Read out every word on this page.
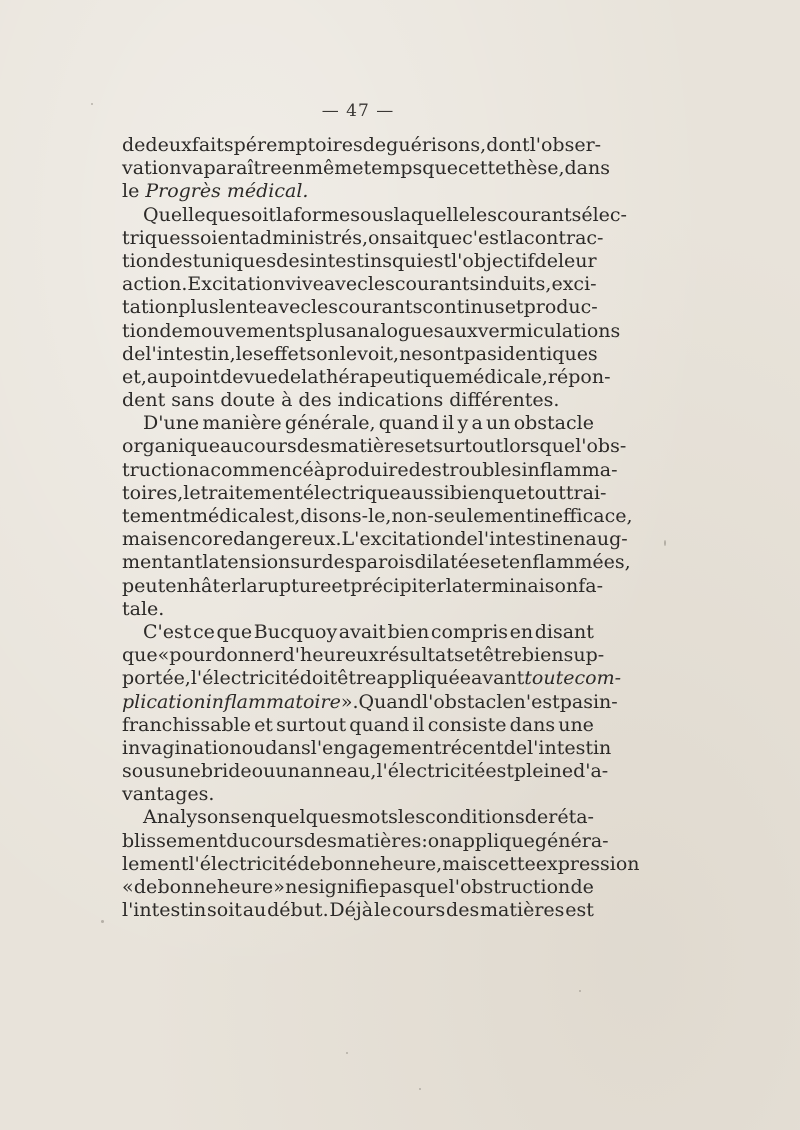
— 47 —
de deux faits péremptoires de guérisons, dont l'obser-
vation va paraître en même temps que cette thèse, dans
le Progrès médical.
Quelle que soit la forme sous laquelle les courants élec-
triques soient administrés, on sait que c'est la contrac-
tion des tuniques des intestins qui est l'objectif de leur
action. Excitation vive avec les courants induits, exci-
tation plus lente avec les courants continus et produc-
tion de mouvements plus analogues aux vermiculations
de l'intestin, les effets on le voit, ne sont pas identiques
et, au point de vue de la thérapeutique médicale, répon-
dent sans doute à des indications différentes.
D'une manière générale, quand il y a un obstacle
organique au cours des matières et surtout lorsque l'obs-
truction a commencé à produire des troubles inflamma-
toires, le traitement électrique aussi bien que tout trai-
tement médical est, disons-le, non-seulement inefficace,
mais encore dangereux. L'excitation de l'intestin en aug-
mentant la tension sur des parois dilatées et enflammées,
peut en hâter la rupture et précipiter la terminaison fa-
tale.
C'est ce que Bucquoy avait bien compris en disant
que « pour donner d'heureux résultats et être bien sup-
portée, l'électricité doit être appliquée avant toute com-
plication inflammatoire ». Quand l'obstacle n'est pas in-
franchissable et surtout quand il consiste dans une
invagination ou dans l'engagement récent de l'intestin
sous une bride ou un anneau, l'électricité est pleine d'a-
vantages.
Analysons en quelques mots les conditions de réta-
blissement du cours des matières : on applique généra-
lement l'électricité de bonne heure, mais cette expression
« de bonne heure » ne signifie pas que l'obstruction de
l'intestin soit au début. Déjà le cours des matières est
